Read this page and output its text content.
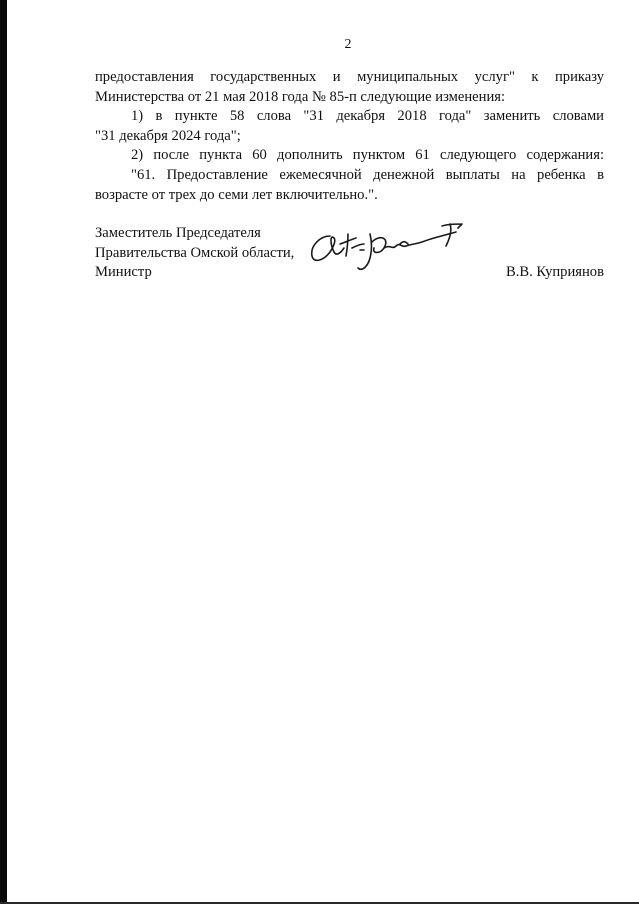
2

предоставления государственных и муниципальных услуг" к приказу

Министерства от 21 мая 2018 года № 85-п следующие изменения:

1) в пункте 58 слова "31 декабря 2018 года" заменить словами

"31 декабря 2024 года";

2) после пункта 60 дополнить пунктом 61 следующего содержания:

"61. Предоставление ежемесячной денежной выплаты на ребенка в

возрасте от трех до семи лет включительно.".

Заместитель Председателя
Правительства Омской области,
Министр	В.В. Куприянов
